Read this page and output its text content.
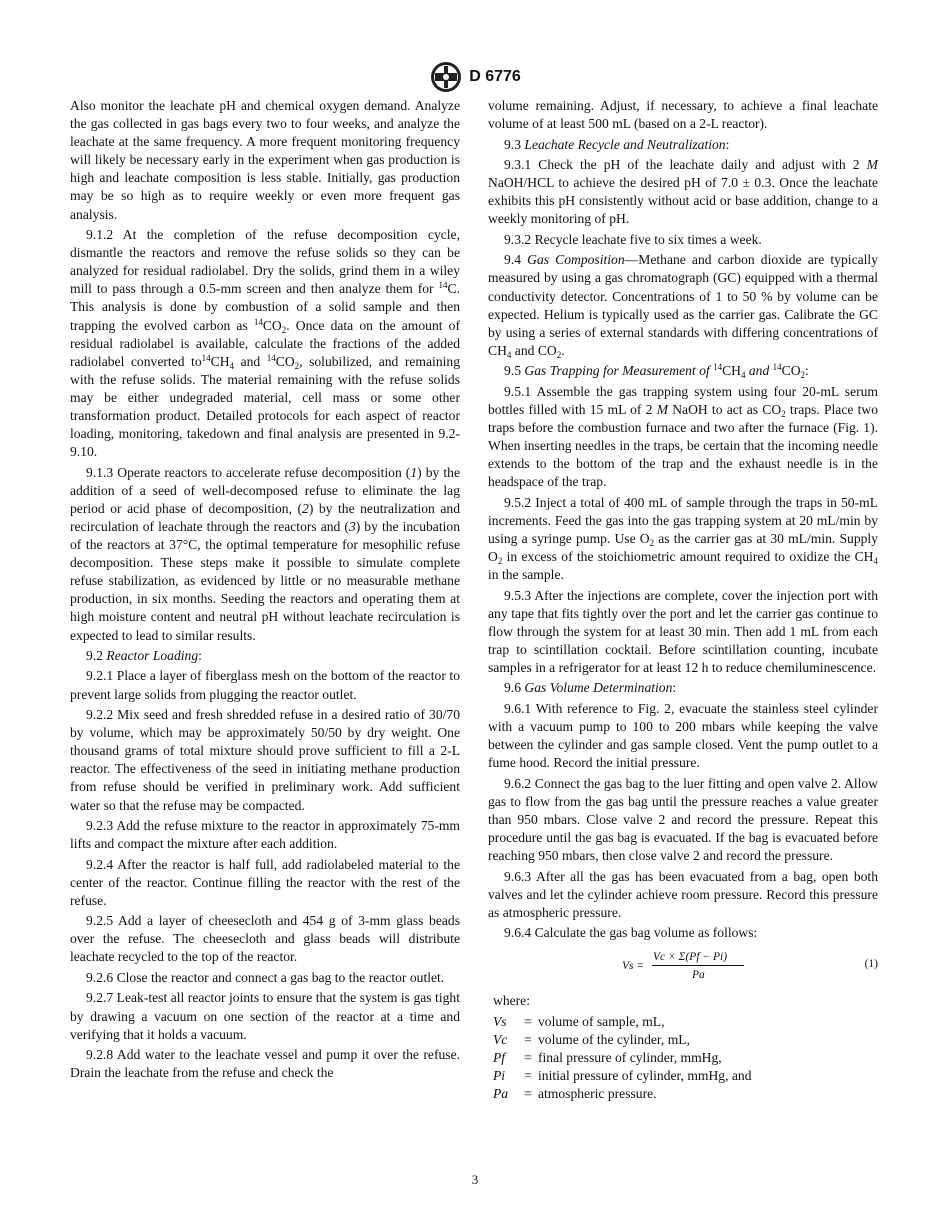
D 6776

Also monitor the leachate pH and chemical oxygen demand. Analyze the gas collected in gas bags every two to four weeks, and analyze the leachate at the same frequency. A more frequent monitoring frequency will likely be necessary early in the experiment when gas production is high and leachate composition is less stable. Initially, gas production may be so high as to require weekly or even more frequent gas analysis.

9.1.2 At the completion of the refuse decomposition cycle, dismantle the reactors and remove the refuse solids so they can be analyzed for residual radiolabel. Dry the solids, grind them in a wiley mill to pass through a 0.5-mm screen and then analyze them for $^{14}$C. This analysis is done by combustion of a solid sample and then trapping the evolved carbon as $^{14}CO_2$. Once data on the amount of residual radiolabel is available, calculate the fractions of the added radiolabel converted $to^{14}CH_4$ and $^{14}CO_2$, solubilized, and remaining with the refuse solids. The material remaining with the refuse solids may be either undegraded material, cell mass or some other transformation product. Detailed protocols for each aspect of reactor loading, monitoring, takedown and final analysis are presented in 9.2-9.10.

9.1.3 Operate reactors to accelerate refuse decomposition (1) by the addition of a seed of well-decomposed refuse to eliminate the lag period or acid phase of decomposition, (2) by the neutralization and recirculation of leachate through the reactors and (3) by the incubation of the reactors at 37°C, the optimal temperature for mesophilic refuse decomposition. These steps make it possible to simulate complete refuse stabilization, as evidenced by little or no measurable methane production, in six months. Seeding the reactors and operating them at high moisture content and neutral pH without leachate recirculation is expected to lead to similar results.

9.2 Reactor Loading:

9.2.1 Place a layer of fiberglass mesh on the bottom of the reactor to prevent large solids from plugging the reactor outlet.

9.2.2 Mix seed and fresh shredded refuse in a desired ratio of 30/70 by volume, which may be approximately 50/50 by dry weight. One thousand grams of total mixture should prove sufficient to fill a 2-L reactor. The effectiveness of the seed in initiating methane production from refuse should be verified in preliminary work. Add sufficient water so that the refuse may be compacted.

9.2.3 Add the refuse mixture to the reactor in approximately 75-mm lifts and compact the mixture after each addition.

9.2.4 After the reactor is half full, add radiolabeled material to the center of the reactor. Continue filling the reactor with the rest of the refuse.

9.2.5 Add a layer of cheesecloth and 454 g of 3-mm glass beads over the refuse. The cheesecloth and glass beads will distribute leachate recycled to the top of the reactor.

9.2.6 Close the reactor and connect a gas bag to the reactor outlet.

9.2.7 Leak-test all reactor joints to ensure that the system is gas tight by drawing a vacuum on one section of the reactor at a time and verifying that it holds a vacuum.

9.2.8 Add water to the leachate vessel and pump it over the refuse. Drain the leachate from the refuse and check the

volume remaining. Adjust, if necessary, to achieve a final leachate volume of at least 500 mL (based on a 2-L reactor).

9.3 Leachate Recycle and Neutralization:

9.3.1 Check the pH of the leachate daily and adjust with 2 M NaOH/HCL to achieve the desired pH of 7.0 ± 0.3. Once the leachate exhibits this pH consistently without acid or base addition, change to a weekly monitoring of pH.

9.3.2 Recycle leachate five to six times a week.

9.4 Gas Composition—Methane and carbon dioxide are typically measured by using a gas chromatograph (GC) equipped with a thermal conductivity detector. Concentrations of 1 to 50 % by volume can be expected. Helium is typically used as the carrier gas. Calibrate the GC by using a series of external standards with differing concentrations of $CH_4$ and $CO_2$.

9.5 Gas Trapping for Measurement of $^{14}CH_4$ and $^{14}CO_2$:

9.5.1 Assemble the gas trapping system using four 20-mL serum bottles filled with 15 mL of 2 M NaOH to act as $CO_2$ traps. Place two traps before the combustion furnace and two after the furnace (Fig. 1). When inserting needles in the traps, be certain that the incoming needle extends to the bottom of the trap and the exhaust needle is in the headspace of the trap.

9.5.2 Inject a total of 400 mL of sample through the traps in 50-mL increments. Feed the gas into the gas trapping system at 20 mL/min by using a syringe pump. Use $O_2$ as the carrier gas at 30 mL/min. Supply $O_2$ in excess of the stoichiometric amount required to oxidize the $CH_4$ in the sample.

9.5.3 After the injections are complete, cover the injection port with any tape that fits tightly over the port and let the carrier gas continue to flow through the system for at least 30 min. Then add 1 mL from each trap to scintillation cocktail. Before scintillation counting, incubate samples in a refrigerator for at least 12 h to reduce chemiluminescence.

9.6 Gas Volume Determination:

9.6.1 With reference to Fig. 2, evacuate the stainless steel cylinder with a vacuum pump to 100 to 200 mbars while keeping the valve between the cylinder and gas sample closed. Vent the pump outlet to a fume hood. Record the initial pressure.

9.6.2 Connect the gas bag to the luer fitting and open valve 2. Allow gas to flow from the gas bag until the pressure reaches a value greater than 950 mbars. Close valve 2 and record the pressure. Repeat this procedure until the gas bag is evacuated. If the bag is evacuated before reaching 950 mbars, then close valve 2 and record the pressure.

9.6.3 After all the gas has been evacuated from a bag, open both valves and let the cylinder achieve room pressure. Record this pressure as atmospheric pressure.

9.6.4 Calculate the gas bag volume as follows:

Vs =
Vc × Σ(Pf − Pi)
Pa
(1)

where:

Vs	=	volume of sample, mL,
Vc	=	volume of the cylinder, mL,
Pf	=	final pressure of cylinder, mmHg,
Pi	=	initial pressure of cylinder, mmHg, and
Pa	=	atmospheric pressure.
3
